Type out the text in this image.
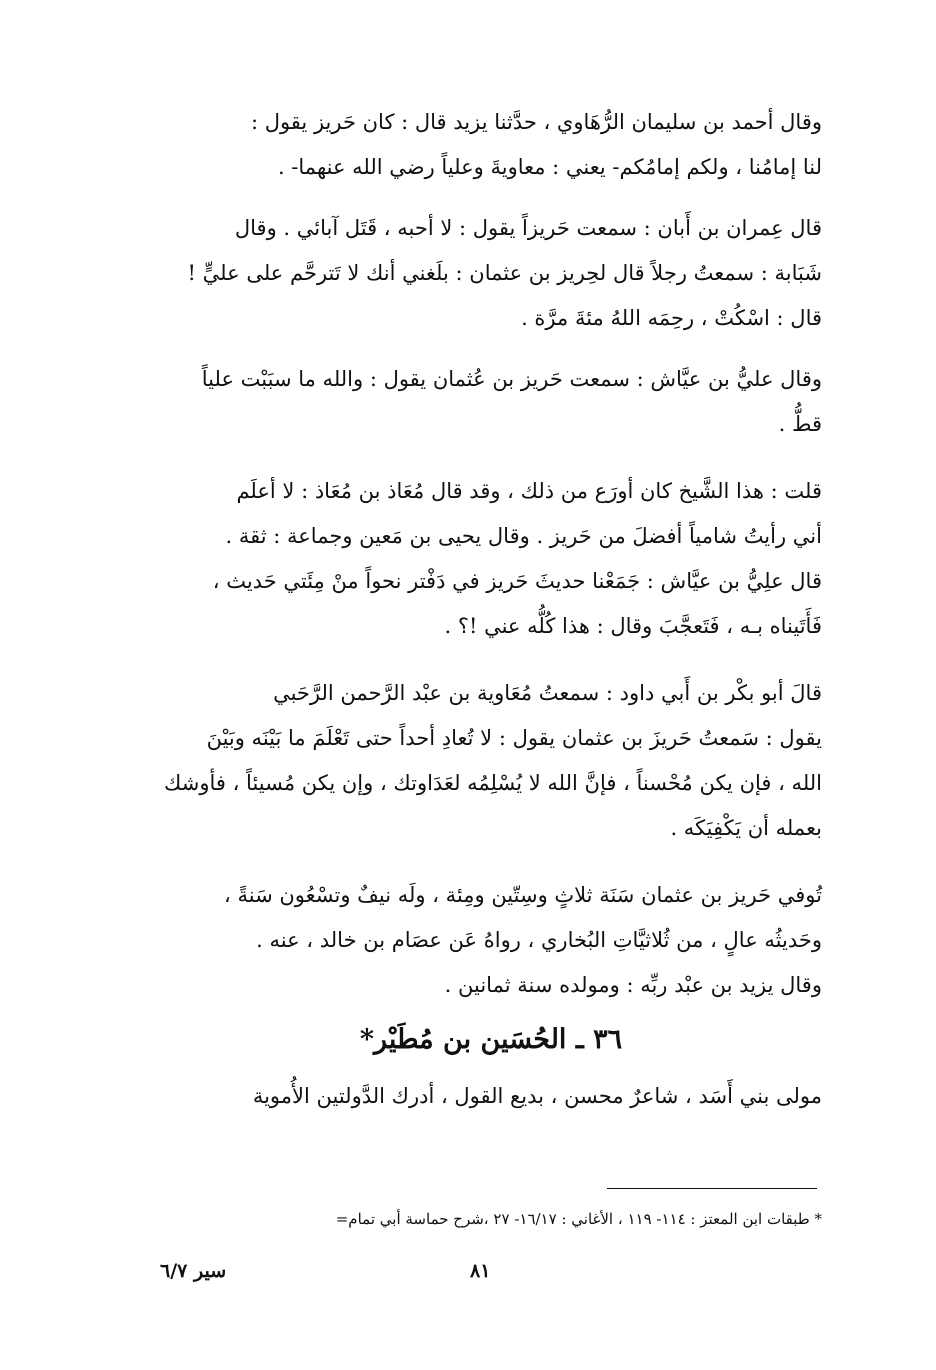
وقال أحمد بن سليمان الرُّهَاوي ، حدَّثنا يزيد قال : كان حَريز يقول :
لنا إمامُنا ، ولكم إمامُكم- يعني : معاويةَ وعلياً رضي الله عنهما- .

قال عِمران بن أَبان : سمعت حَريزاً يقول : لا أحبه ، قَتَل آبائي . وقال
شَبَابة : سمعتُ رجلاً قال لحِريز بن عثمان : بلَغني أنك لا تَترحَّم على عليٍّ !
قال : اسْكُتْ ، رحِمَه اللهُ مئةَ مرَّة .

وقال عليُّ بن عيَّاش : سمعت حَريز بن عُثمان يقول : والله ما سبَبْت علياً
قطُّ .

قلت : هذا الشَّيخ كان أورَع من ذلك ، وقد قال مُعَاذ بن مُعَاذ : لا أعلَم
أني رأيتُ شامياً أفضلَ من حَريز . وقال يحيى بن مَعين وجماعة : ثقة .

قال علِيُّ بن عيَّاش : جَمَعْنا حديثَ حَريز في دَفْتر نحواً منْ مِئَتي حَديث ،
فَأَتَيناه بـه ، فَتَعجَّبَ وقال : هذا كُلُّه عني !؟ .

قالَ أبو بكْر بن أَبي داود : سمعتُ مُعَاوية بن عبْد الرَّحمن الرَّحَبي
يقول : سَمعتُ حَريزَ بن عثمان يقول : لا تُعادِ أحداً حتى تَعْلَمَ ما بَيْنَه وبَيْنَ
الله ، فإن يكن مُحْسناً ، فإنَّ الله لا يُسْلِمُه لعَدَاوتك ، وإن يكن مُسيئاً ، فأوشك
بعمله أن يَكْفِيَكَه .

تُوفي حَريز بن عثمان سَنَة ثلاثٍ وسِتّين ومِئة ، ولَه نيفٌ وتسْعُون سَنةً ،
وحَديثُه عالٍ ، من ثُلاثيَّاتِ البُخاري ، رواهُ عَن عصَام بن خالد ، عنه .
وقال يزيد بن عبْد ربِّه : ومولده سنة ثمانين .

٣٦ ـ الحُسَين بن مُطَيْر*

مولى بني أَسَد ، شاعرٌ محسن ، بديع القول ، أدرك الدَّولتين الأُموية

* طبقات ابن المعتز : ١١٤- ١١٩ ، الأغاني : ١٦/١٧- ٢٧ ،شرح حماسة أبي تمام=
سير ٦/٧	٨١
